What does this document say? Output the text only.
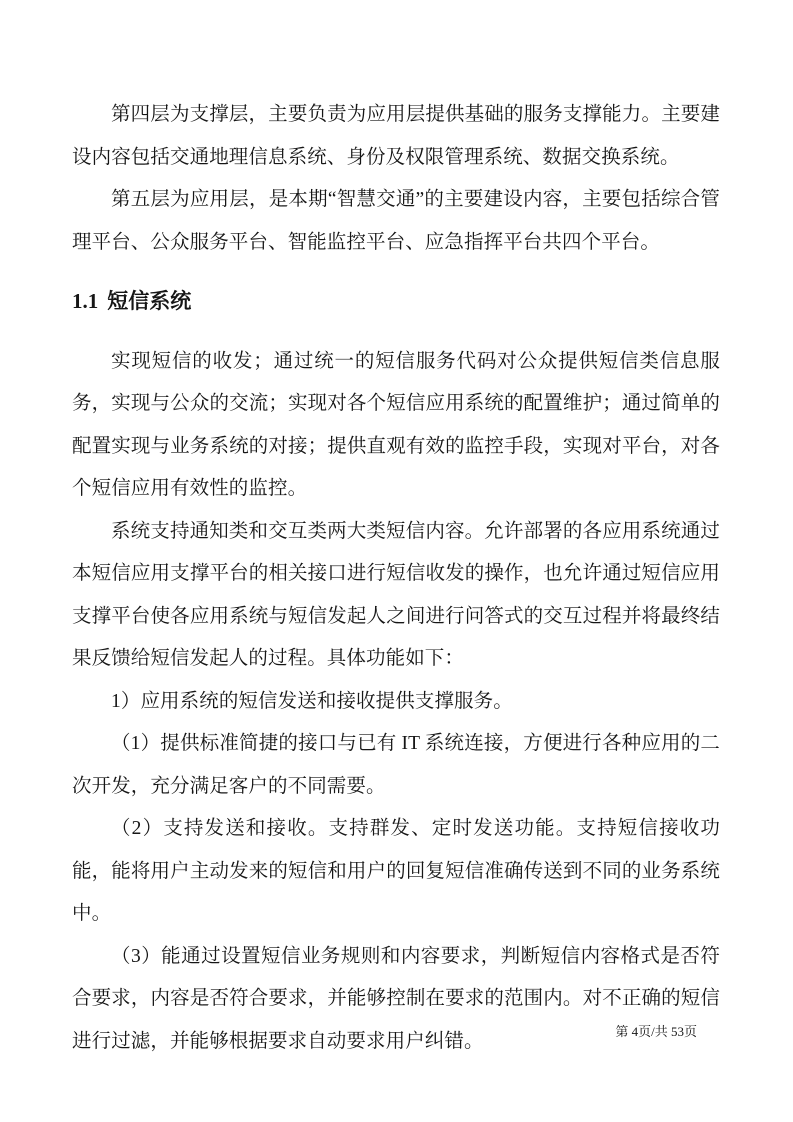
第四层为支撑层，主要负责为应用层提供基础的服务支撑能力。主要建设内容包括交通地理信息系统、身份及权限管理系统、数据交换系统。

第五层为应用层，是本期“智慧交通”的主要建设内容，主要包括综合管理平台、公众服务平台、智能监控平台、应急指挥平台共四个平台。

1.1 短信系统

实现短信的收发；通过统一的短信服务代码对公众提供短信类信息服务，实现与公众的交流；实现对各个短信应用系统的配置维护；通过简单的配置实现与业务系统的对接；提供直观有效的监控手段，实现对平台，对各个短信应用有效性的监控。

系统支持通知类和交互类两大类短信内容。允许部署的各应用系统通过本短信应用支撑平台的相关接口进行短信收发的操作，也允许通过短信应用支撑平台使各应用系统与短信发起人之间进行问答式的交互过程并将最终结果反馈给短信发起人的过程。具体功能如下：

1）应用系统的短信发送和接收提供支撑服务。

（1）提供标准简捷的接口与已有 IT 系统连接，方便进行各种应用的二次开发，充分满足客户的不同需要。

（2）支持发送和接收。支持群发、定时发送功能。支持短信接收功能，能将用户主动发来的短信和用户的回复短信准确传送到不同的业务系统中。

（3）能通过设置短信业务规则和内容要求，判断短信内容格式是否符合要求，内容是否符合要求，并能够控制在要求的范围内。对不正确的短信进行过滤，并能够根据要求自动要求用户纠错。	第 4页/共 53页
